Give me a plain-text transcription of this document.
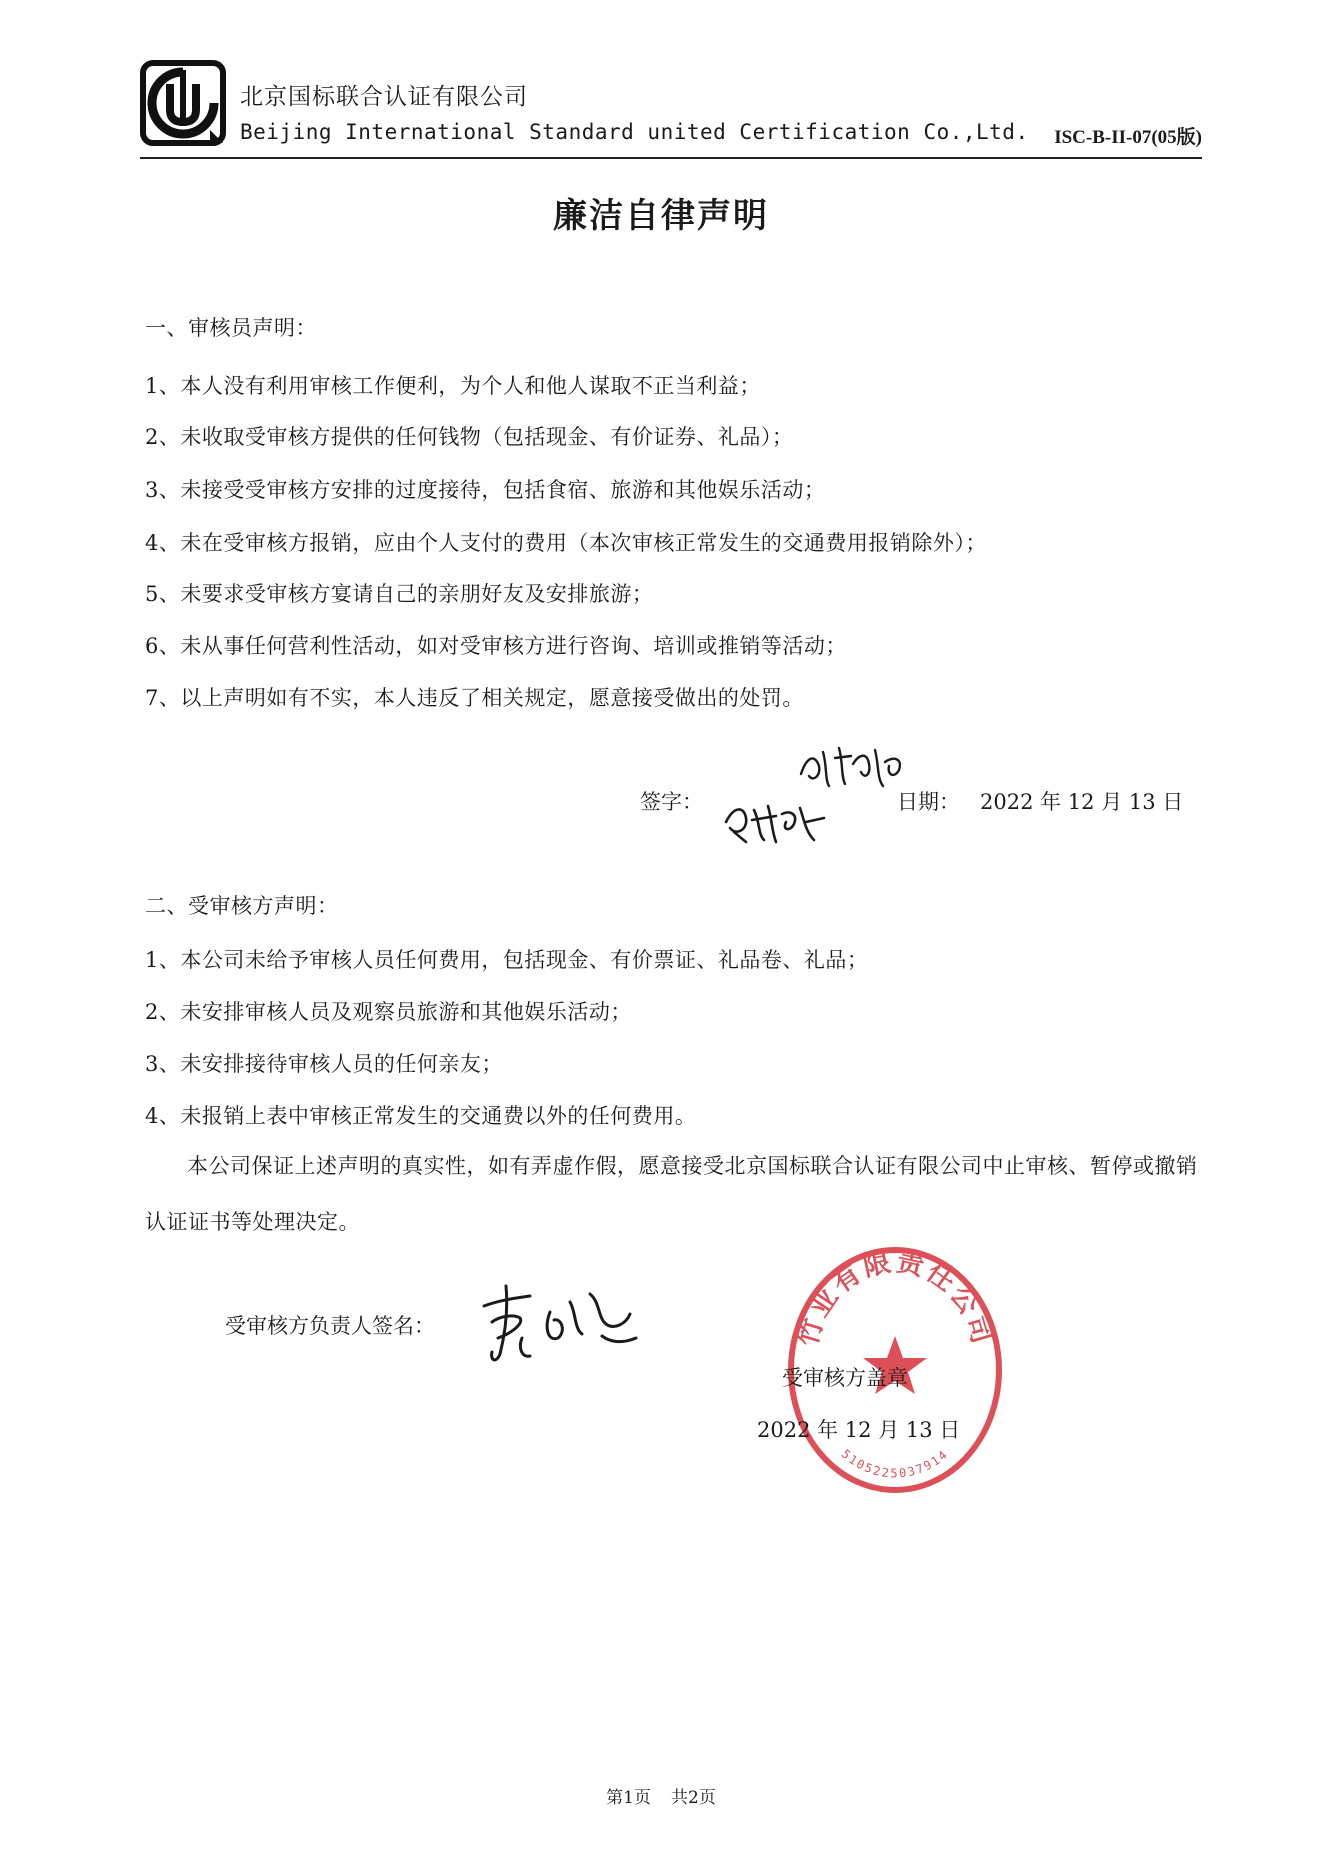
北京国标联合认证有限公司
Beijing International Standard united Certification Co.,Ltd. ISC-B-II-07(05版)
廉洁自律声明
一、审核员声明：
1、本人没有利用审核工作便利，为个人和他人谋取不正当利益；
2、未收取受审核方提供的任何钱物（包括现金、有价证券、礼品）；
3、未接受受审核方安排的过度接待，包括食宿、旅游和其他娱乐活动；
4、未在受审核方报销，应由个人支付的费用（本次审核正常发生的交通费用报销除外）；
5、未要求受审核方宴请自己的亲朋好友及安排旅游；
6、未从事任何营利性活动，如对受审核方进行咨询、培训或推销等活动；
7、以上声明如有不实，本人违反了相关规定，愿意接受做出的处罚。
签字：	日期： 2022 年 12 月 13 日
二、受审核方声明：
1、本公司未给予审核人员任何费用，包括现金、有价票证、礼品卷、礼品；
2、未安排审核人员及观察员旅游和其他娱乐活动；
3、未安排接待审核人员的任何亲友；
4、未报销上表中审核正常发生的交通费以外的任何费用。
本公司保证上述声明的真实性，如有弄虚作假，愿意接受北京国标联合认证有限公司中止审核、暂停或撤销认证证书等处理决定。
受审核方负责人签名：	竹业有限责任公司
5105225037914
受审核方盖章
2022 年 12 月 13 日
第1页 共2页
